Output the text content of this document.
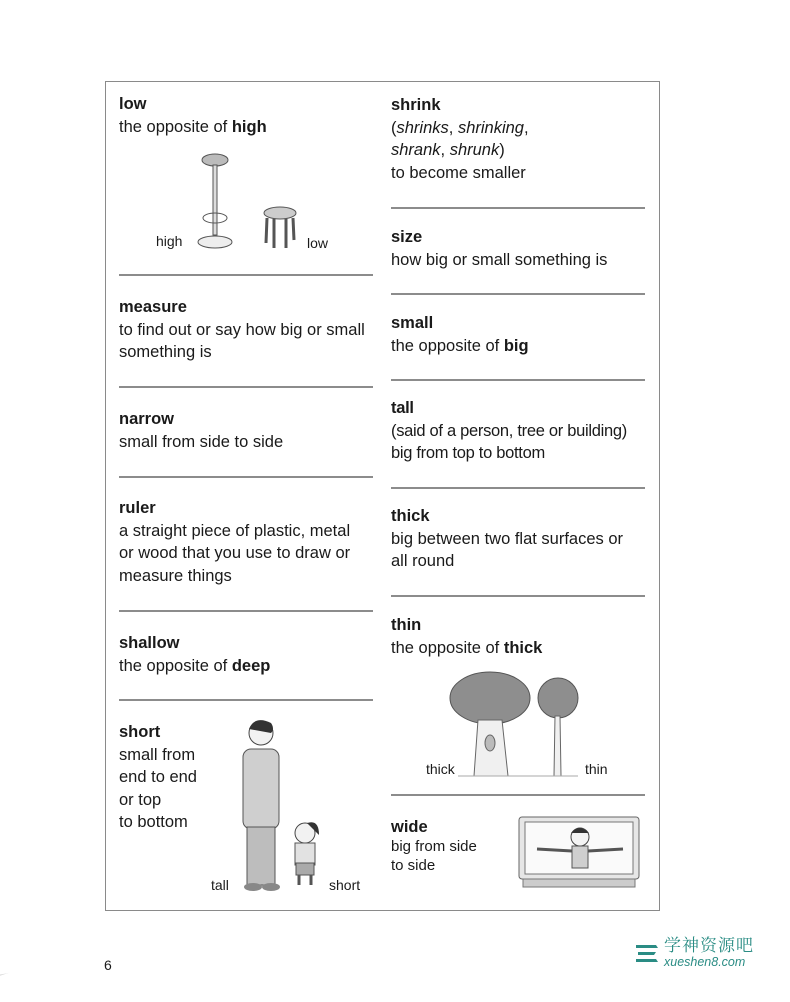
low
the opposite of high
high	low
measure
to find out or say how big or small something is
narrow
small from side to side
ruler
a straight piece of plastic, metal or wood that you use to draw or measure things
shallow
the opposite of deep
short
small from
end to end
or top
to bottom
tall	short
shrink
(shrinks, shrinking,
shrank, shrunk)
to become smaller
size
how big or small something is
small
the opposite of big
tall
(said of a person, tree or building)
big from top to bottom
thick
big between two flat surfaces or all round
thin
the opposite of thick
thick	thin
wide
big from side
to side
6
学神资源吧
xueshen8.com
